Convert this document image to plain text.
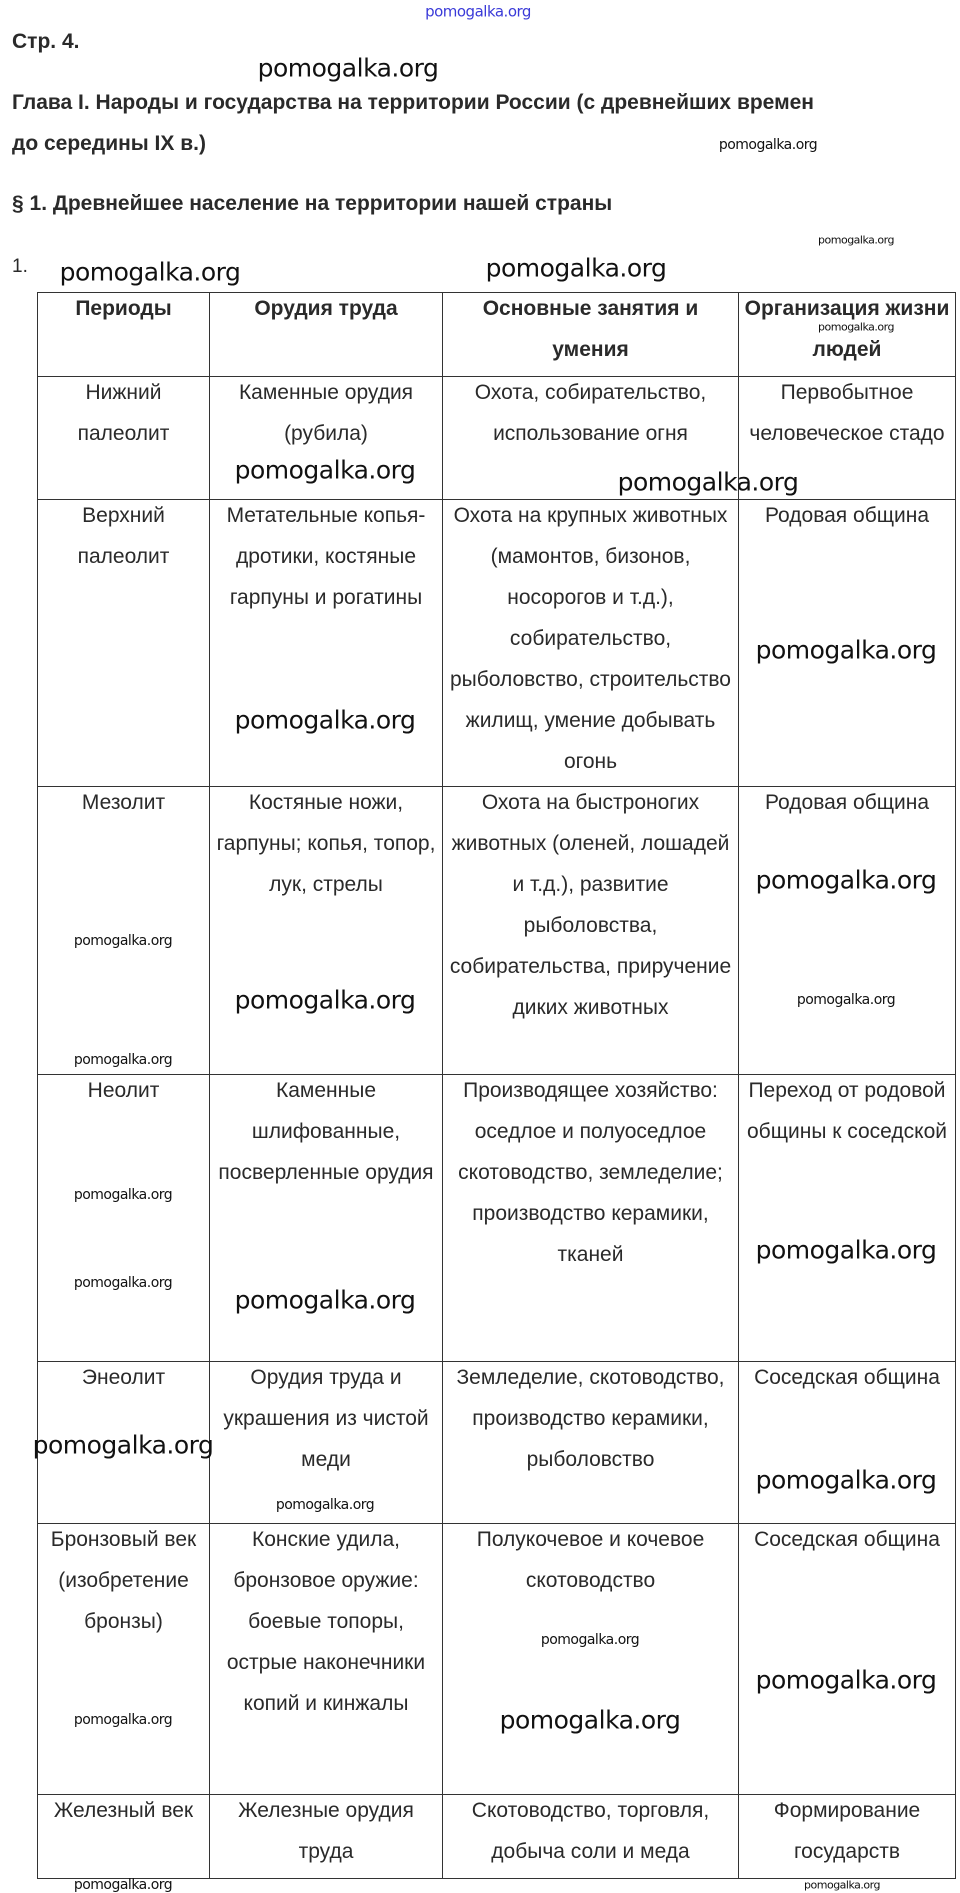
Стр. 4.
Глава I. Народы и государства на территории России (с древнейших времен
до середины IX в.)
§ 1. Древнейшее население на территории нашей страны
1.
Периоды	Орудия труда	Основные занятия и умения	Организация жизни людей

Нижний палеолит	Каменные орудия (рубила)	Охота, собирательство, использование огня	Первобытное человеческое стадо

Верхний палеолит	Метательные копья-дротики, костяные гарпуны и рогатины	Охота на крупных животных (мамонтов, бизонов, носорогов и т.д.), собирательство, рыболовство, строительство жилищ, умение добывать огонь	Родовая община

Мезолит	Костяные ножи, гарпуны; копья, топор, лук, стрелы	Охота на быстроногих животных (оленей, лошадей и т.д.), развитие рыболовства, собирательства, приручение диких животных	Родовая община

Неолит	Каменные шлифованные, посверленные орудия	Производящее хозяйство: оседлое и полуоседлое скотоводство, земледелие; производство керамики, тканей	Переход от родовой общины к соседской

Энеолит	Орудия труда и украшения из чистой меди	Земледелие, скотоводство, производство керамики, рыболовство	Соседская община

Бронзовый век (изобретение бронзы)	Конские удила, бронзовое оружие: боевые топоры, острые наконечники копий и кинжалы	Полукочевое и кочевое скотоводство	Соседская община

Железный век	Железные орудия труда	Скотоводство, торговля, добыча соли и меда	Формирование государств
pomogalka.org
pomogalka.org
pomogalka.org
pomogalka.org
pomogalka.org	pomogalka.org
pomogalka.org
pomogalka.org	pomogalka.org
pomogalka.org
pomogalka.org
pomogalka.org
pomogalka.org
pomogalka.org	pomogalka.org
pomogalka.org
pomogalka.org
pomogalka.org
pomogalka.org
pomogalka.org
pomogalka.org
pomogalka.org
pomogalka.org
pomogalka.org
pomogalka.org
pomogalka.org	pomogalka.org
pomogalka.org	pomogalka.org
